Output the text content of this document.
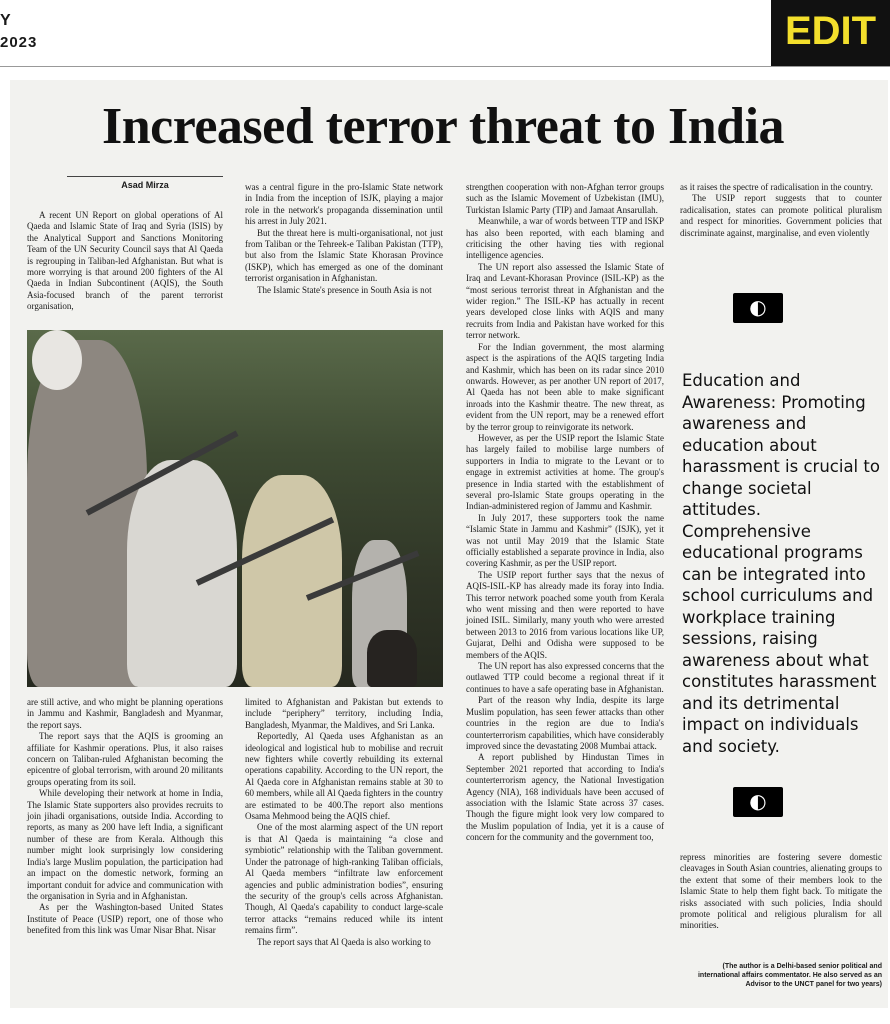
Y
2023	EDIT
Increased terror threat to India
Asad Mirza

A recent UN Report on global operations of Al Qaeda and Islamic State of Iraq and Syria (ISIS) by the Analytical Support and Sanctions Monitoring Team of the UN Security Council says that Al Qaeda is regrouping in Taliban-led Afghanistan. But what is more worrying is that around 200 fighters of the Al Qaeda in Indian Subcontinent (AQIS), the South Asia-focused branch of the parent terrorist organisation,

was a central figure in the pro-Islamic State network in India from the inception of ISJK, playing a major role in the network's propaganda dissemination until his arrest in July 2021.

But the threat here is multi-organisational, not just from Taliban or the Tehreek-e Taliban Pakistan (TTP), but also from the Islamic State Khorasan Province (ISKP), which has emerged as one of the dominant terrorist organisation in Afghanistan.

The Islamic State's presence in South Asia is not

strengthen cooperation with non-Afghan terror groups such as the Islamic Movement of Uzbekistan (IMU), Turkistan Islamic Party (TIP) and Jamaat Ansarullah.

Meanwhile, a war of words between TTP and ISKP has also been reported, with each blaming and criticising the other having ties with regional intelligence agencies.

The UN report also assessed the Islamic State of Iraq and Levant-Khorasan Province (ISIL-KP) as the “most serious terrorist threat in Afghanistan and the wider region.” The ISIL-KP has actually in recent years developed close links with AQIS and many recruits from India and Pakistan have worked for this terror network.

For the Indian government, the most alarming aspect is the aspirations of the AQIS targeting India and Kashmir, which has been on its radar since 2010 onwards. However, as per another UN report of 2017, Al Qaeda has not been able to make significant inroads into the Kashmir theatre. The new threat, as evident from the UN report, may be a renewed effort by the terror group to reinvigorate its network.

However, as per the USIP report the Islamic State has largely failed to mobilise large numbers of supporters in India to migrate to the Levant or to engage in extremist activities at home. The group's presence in India started with the establishment of several pro-Islamic State groups operating in the Indian-administered region of Jammu and Kashmir.

In July 2017, these supporters took the name “Islamic State in Jammu and Kashmir” (ISJK), yet it was not until May 2019 that the Islamic State officially established a separate province in India, also covering Kashmir, as per the USIP report.

The USIP report further says that the nexus of AQIS-ISIL-KP has already made its foray into India. This terror network poached some youth from Kerala who went missing and then were reported to have joined ISIL. Similarly, many youth who were arrested between 2013 to 2016 from various locations like UP, Gujarat, Delhi and Odisha were supposed to be members of the AQIS.

The UN report has also expressed concerns that the outlawed TTP could become a regional threat if it continues to have a safe operating base in Afghanistan.

Part of the reason why India, despite its large Muslim population, has seen fewer attacks than other countries in the region are due to India's counterterrorism capabilities, which have considerably improved since the devastating 2008 Mumbai attack.

A report published by Hindustan Times in September 2021 reported that according to India's counterterrorism agency, the National Investigation Agency (NIA), 168 individuals have been accused of association with the Islamic State across 37 cases. Though the figure might look very low compared to the Muslim population of India, yet it is a cause of concern for the community and the government too,

as it raises the spectre of radicalisation in the country.

The USIP report suggests that to counter radicalisation, states can promote political pluralism and respect for minorities. Government policies that discriminate against, marginalise, and even violently

◐
Education and Awareness: Promoting awareness and education about harassment is crucial to change societal attitudes. Comprehensive educational programs can be integrated into school curriculums and workplace training sessions, raising awareness about what constitutes harassment and its detrimental impact on individuals and society.
◐

are still active, and who might be planning operations in Jammu and Kashmir, Bangladesh and Myanmar, the report says.

The report says that the AQIS is grooming an affiliate for Kashmir operations. Plus, it also raises concern on Taliban-ruled Afghanistan becoming the epicentre of global terrorism, with around 20 militants groups operating from its soil.

While developing their network at home in India, The Islamic State supporters also provides recruits to join jihadi organisations, outside India. According to reports, as many as 200 have left India, a significant number of these are from Kerala. Although this number might look surprisingly low considering India's large Muslim population, the participation had an impact on the domestic network, forming an important conduit for advice and communication with the organisation in Syria and in Afghanistan.

As per the Washington-based United States Institute of Peace (USIP) report, one of those who benefited from this link was Umar Nisar Bhat. Nisar

limited to Afghanistan and Pakistan but extends to include “periphery” territory, including India, Bangladesh, Myanmar, the Maldives, and Sri Lanka.

Reportedly, Al Qaeda uses Afghanistan as an ideological and logistical hub to mobilise and recruit new fighters while covertly rebuilding its external operations capability. According to the UN report, the Al Qaeda core in Afghanistan remains stable at 30 to 60 members, while all Al Qaeda fighters in the country are estimated to be 400.The report also mentions Osama Mehmood being the AQIS chief.

One of the most alarming aspect of the UN report is that Al Qaeda is maintaining “a close and symbiotic” relationship with the Taliban government. Under the patronage of high-ranking Taliban officials, Al Qaeda members “infiltrate law enforcement agencies and public administration bodies”, ensuring the security of the group's cells across Afghanistan. Though, Al Qaeda's capability to conduct large-scale terror attacks “remains reduced while its intent remains firm”.

The report says that Al Qaeda is also working to

repress minorities are fostering severe domestic cleavages in South Asian countries, alienating groups to the extent that some of their members look to the Islamic State to help them fight back. To mitigate the risks associated with such policies, India should promote political and religious pluralism for all minorities.

(The author is a Delhi-based senior political and international affairs commentator. He also served as an Advisor to the UNCT panel for two years)
